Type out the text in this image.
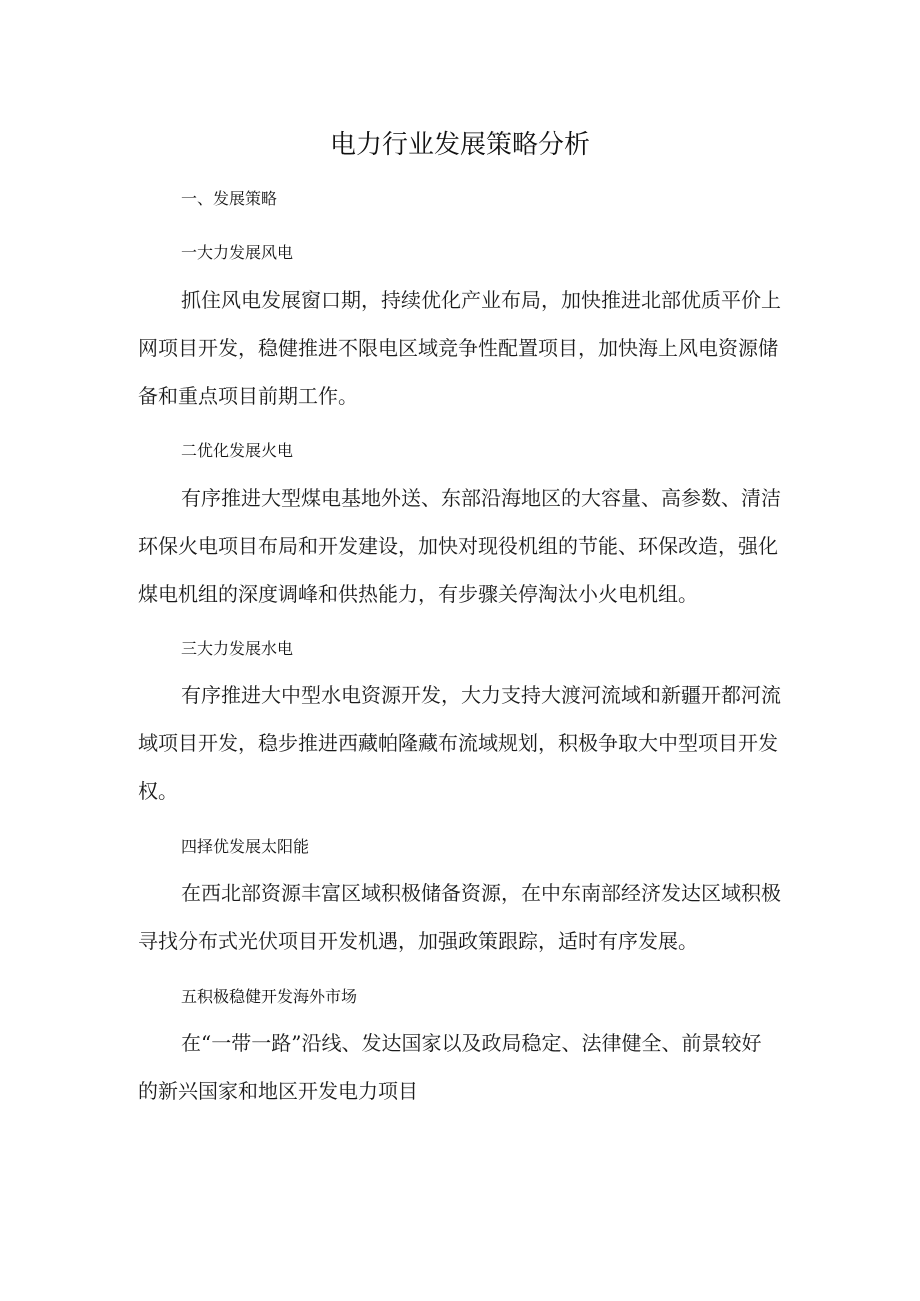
电力行业发展策略分析
一、发展策略
一大力发展风电
抓住风电发展窗口期，持续优化产业布局，加快推进北部优质平价上
网项目开发，稳健推进不限电区域竞争性配置项目，加快海上风电资源储
备和重点项目前期工作。
二优化发展火电
有序推进大型煤电基地外送、东部沿海地区的大容量、高参数、清洁
环保火电项目布局和开发建设，加快对现役机组的节能、环保改造，强化
煤电机组的深度调峰和供热能力，有步骤关停淘汰小火电机组。
三大力发展水电
有序推进大中型水电资源开发，大力支持大渡河流域和新疆开都河流
域项目开发，稳步推进西藏帕隆藏布流域规划，积极争取大中型项目开发
权。
四择优发展太阳能
在西北部资源丰富区域积极储备资源，在中东南部经济发达区域积极
寻找分布式光伏项目开发机遇，加强政策跟踪，适时有序发展。
五积极稳健开发海外市场
在“一带一路”沿线、发达国家以及政局稳定、法律健全、前景较好
的新兴国家和地区开发电力项目
